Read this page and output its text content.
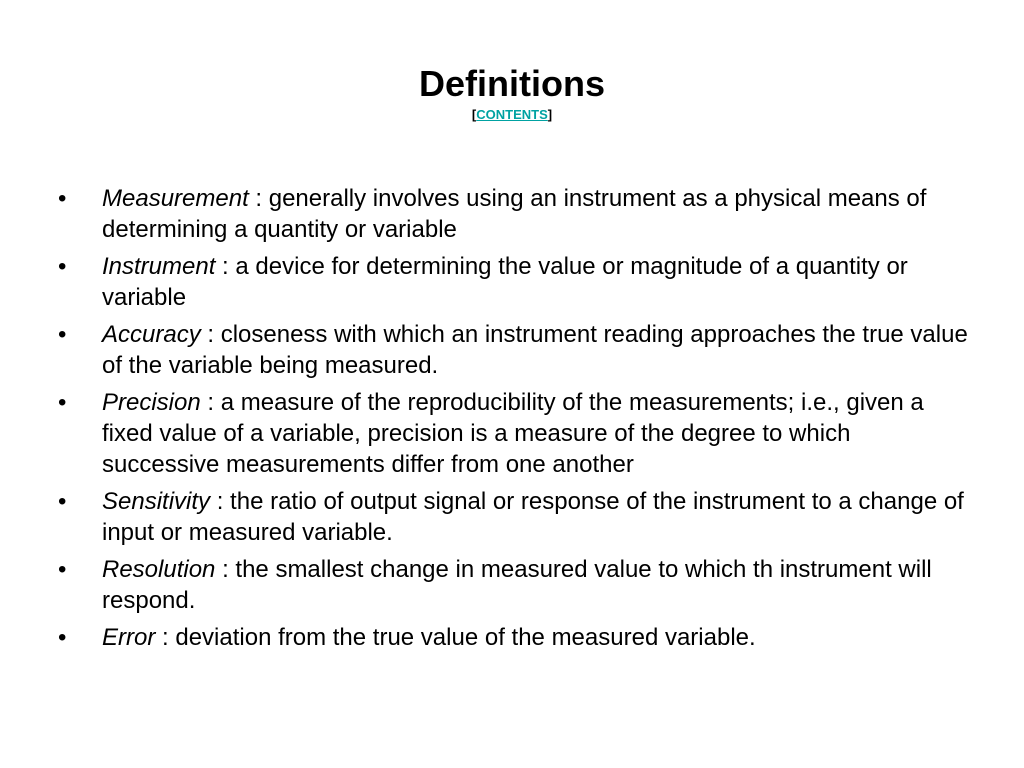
Definitions
[CONTENTS]
•	Measurement : generally involves using an instrument as a physical means of determining a quantity or variable
•	Instrument : a device for determining the value or magnitude of a quantity or variable
•	Accuracy : closeness with which an instrument reading approaches the true value of the variable being measured.
•	Precision : a measure of the reproducibility of the measurements; i.e., given a fixed value of a variable, precision is a measure of the degree to which successive measurements differ from one another
•	Sensitivity : the ratio of output signal or response of the instrument to a change of input or measured variable.
•	Resolution : the smallest change in measured value to which th instrument will respond.
•	Error : deviation from the true value of the measured variable.
